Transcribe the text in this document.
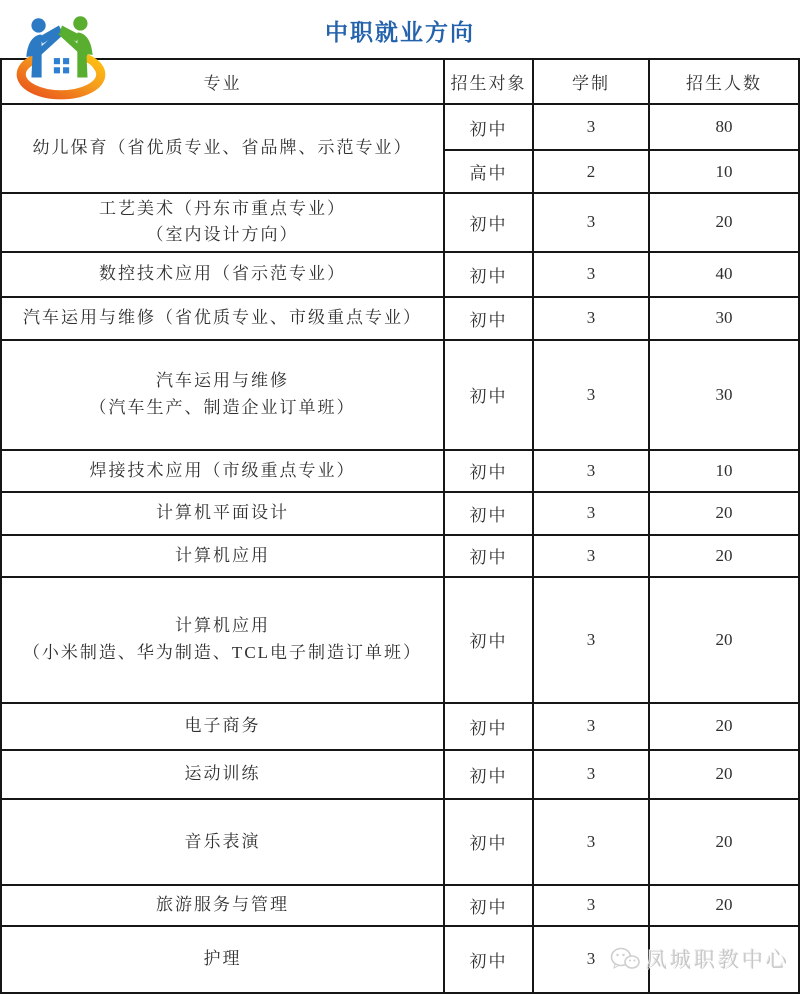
中职就业方向
专业	招生对象	学制	招生人数

幼儿保育（省优质专业、省品牌、示范专业）	初中	3	80
	高中	2	10

工艺美术（丹东市重点专业）
（室内设计方向）	初中	3	20

数控技术应用（省示范专业）	初中	3	40

汽车运用与维修（省优质专业、市级重点专业）	初中	3	30

汽车运用与维修
（汽车生产、制造企业订单班）	初中	3	30

焊接技术应用（市级重点专业）	初中	3	10

计算机平面设计	初中	3	20

计算机应用	初中	3	20

计算机应用
（小米制造、华为制造、TCL电子制造订单班）	初中	3	20

电子商务	初中	3	20

运动训练	初中	3	20

音乐表演	初中	3	20

旅游服务与管理	初中	3	20

护理	初中	3	凤城职教中心
